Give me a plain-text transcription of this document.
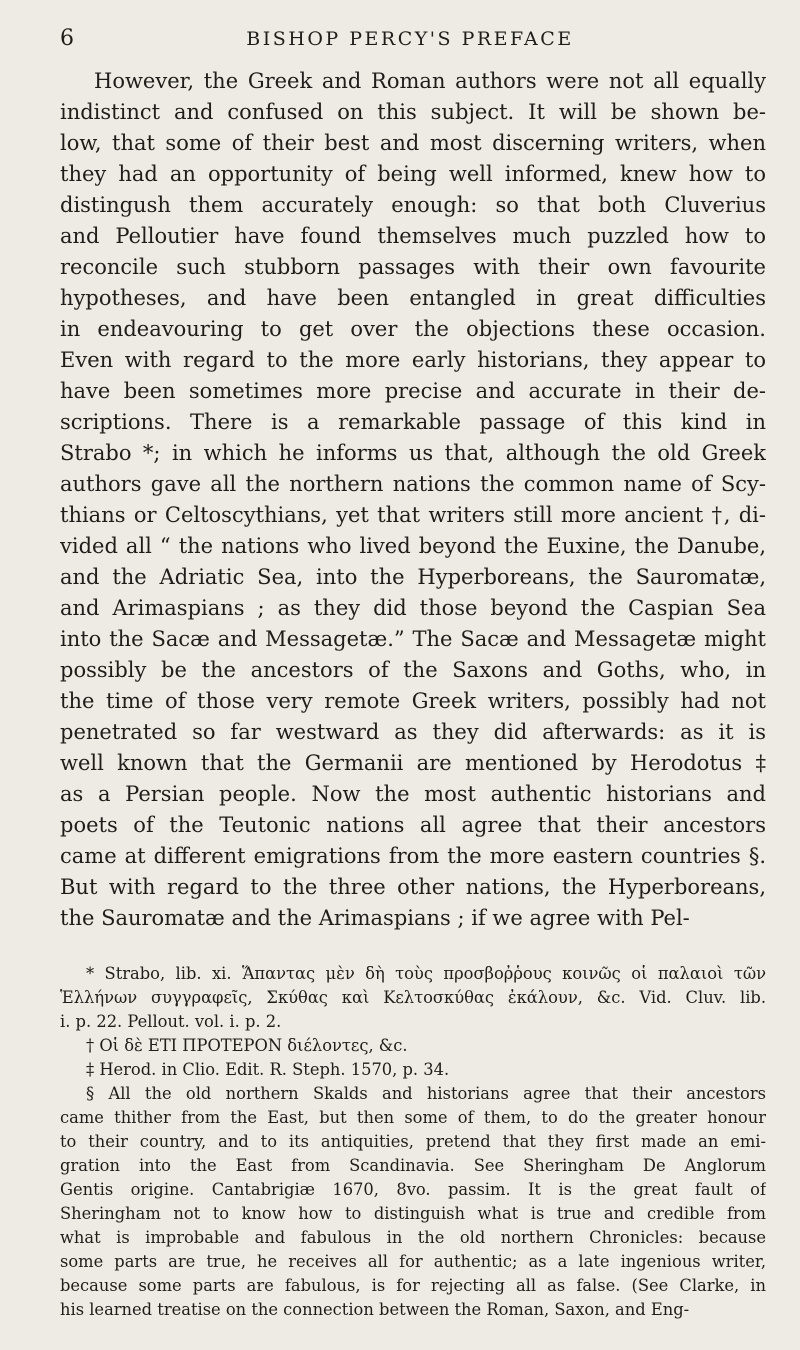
6	BISHOP PERCY'S PREFACE
However, the Greek and Roman authors were not all equally
indistinct and confused on this subject. It will be shown be-
low, that some of their best and most discerning writers, when
they had an opportunity of being well informed, knew how to
distingush them accurately enough: so that both Cluverius
and Pelloutier have found themselves much puzzled how to
reconcile such stubborn passages with their own favourite
hypotheses, and have been entangled in great difficulties
in endeavouring to get over the objections these occasion.
Even with regard to the more early historians, they appear to
have been sometimes more precise and accurate in their de-
scriptions. There is a remarkable passage of this kind in
Strabo *; in which he informs us that, although the old Greek
authors gave all the northern nations the common name of Scy-
thians or Celtoscythians, yet that writers still more ancient †, di-
vided all “ the nations who lived beyond the Euxine, the Danube,
and the Adriatic Sea, into the Hyperboreans, the Sauromatæ,
and Arimaspians ; as they did those beyond the Caspian Sea
into the Sacæ and Messagetæ.” The Sacæ and Messagetæ might
possibly be the ancestors of the Saxons and Goths, who, in
the time of those very remote Greek writers, possibly had not
penetrated so far westward as they did afterwards: as it is
well known that the Germanii are mentioned by Herodotus ‡
as a Persian people. Now the most authentic historians and
poets of the Teutonic nations all agree that their ancestors
came at different emigrations from the more eastern countries §.
But with regard to the three other nations, the Hyperboreans,
the Sauromatæ and the Arimaspians ; if we agree with Pel-
* Strabo, lib. xi. Ἅπαντας μὲν δὴ τοὺς προσβοῤῥους κοινῶς οἱ παλαιοὶ τῶν
Ἑλλήνων συγγραφεῖς, Σκύθας καὶ Κελτοσκύθας ἐκάλουν, &c. Vid. Cluv. lib.
i. p. 22. Pellout. vol. i. p. 2.
† Οἱ δὲ ΕΤΙ ΠΡΟΤΕΡΟΝ διέλοντες, &c.
‡ Herod. in Clio. Edit. R. Steph. 1570, p. 34.
§ All the old northern Skalds and historians agree that their ancestors
came thither from the East, but then some of them, to do the greater honour
to their country, and to its antiquities, pretend that they first made an emi-
gration into the East from Scandinavia. See Sheringham De Anglorum
Gentis origine. Cantabrigiæ 1670, 8vo. passim. It is the great fault of
Sheringham not to know how to distinguish what is true and credible from
what is improbable and fabulous in the old northern Chronicles: because
some parts are true, he receives all for authentic; as a late ingenious writer,
because some parts are fabulous, is for rejecting all as false. (See Clarke, in
his learned treatise on the connection between the Roman, Saxon, and Eng-
